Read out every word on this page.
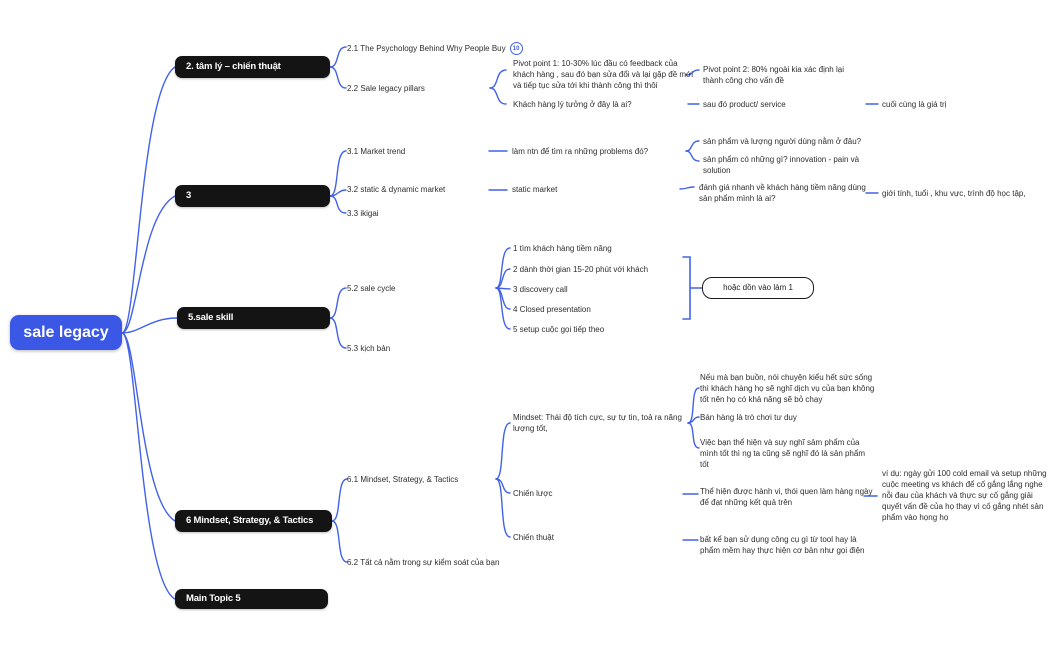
sale legacy
2. tâm lý – chiến thuật
3
5.sale skill
6 Mindset, Strategy, & Tactics
Main Topic 5
2.1 The Psychology Behind Why People Buy	10
2.2 Sale legacy pillars
Pivot point 1: 10-30% lúc đầu có feedback của khách hàng , sau đó bạn sửa đổi và lại gặp đề mới và tiếp tục sửa tới khi thành công thì thôi
Pivot point 2: 80% ngoài kia xác định lại thành công cho vấn đề
Khách hàng lý tưởng ở đây là ai?	sau đó product/ service	cuối cùng là giá trị
3.1 Market trend	làm ntn để tìm ra những problems đó?
sản phẩm và lượng người dùng nằm ở đâu?
sản phẩm có những gì? innovation - pain và solution
3.2 static & dynamic market	static market	đánh giá nhanh về khách hàng tiềm năng dùng sản phẩm mình là ai?
giới tính, tuổi , khu vực, trình độ học tập,
3.3 ikigai
5.2 sale cycle
1 tìm khách hàng tiềm năng
2 dành thời gian 15-20 phút với khách
3 discovery call
4 Closed presentation
5 setup cuộc gọi tiếp theo
hoặc dồn vào làm 1
5.3 kịch bản
6.1 Mindset, Strategy, & Tactics
Mindset: Thái độ tích cực, sự tự tin, toả ra năng lượng tốt,
Nếu mà bạn buồn, nói chuyện kiểu hết sức sống thì khách hàng họ sẽ nghĩ dịch vụ của bạn không tốt nên họ có khả năng sẽ bỏ chạy
Bán hàng là trò chơi tư duy
Việc bạn thể hiện và suy nghĩ sảm phẩm của mình tốt thì ng ta cũng sẽ nghĩ đó là sản phẩm tốt
Chiến lược	Thể hiện được hành vi, thói quen làm hàng ngày để đạt những kết quả trên
ví dụ: ngày gửi 100 cold email và setup những cuộc meeting vs khách để cố gắng lắng nghe nỗi đau của khách và thực sự cố gắng giải quyết vấn đề của họ thay vì cố gắng nhét sản phẩm vào họng họ
Chiến thuật	bất kể bạn sử dụng công cụ gì từ tool hay là phẩm mềm hay thực hiện cơ bản như gọi điện
6.2 Tất cả nằm trong sự kiểm soát của bạn
